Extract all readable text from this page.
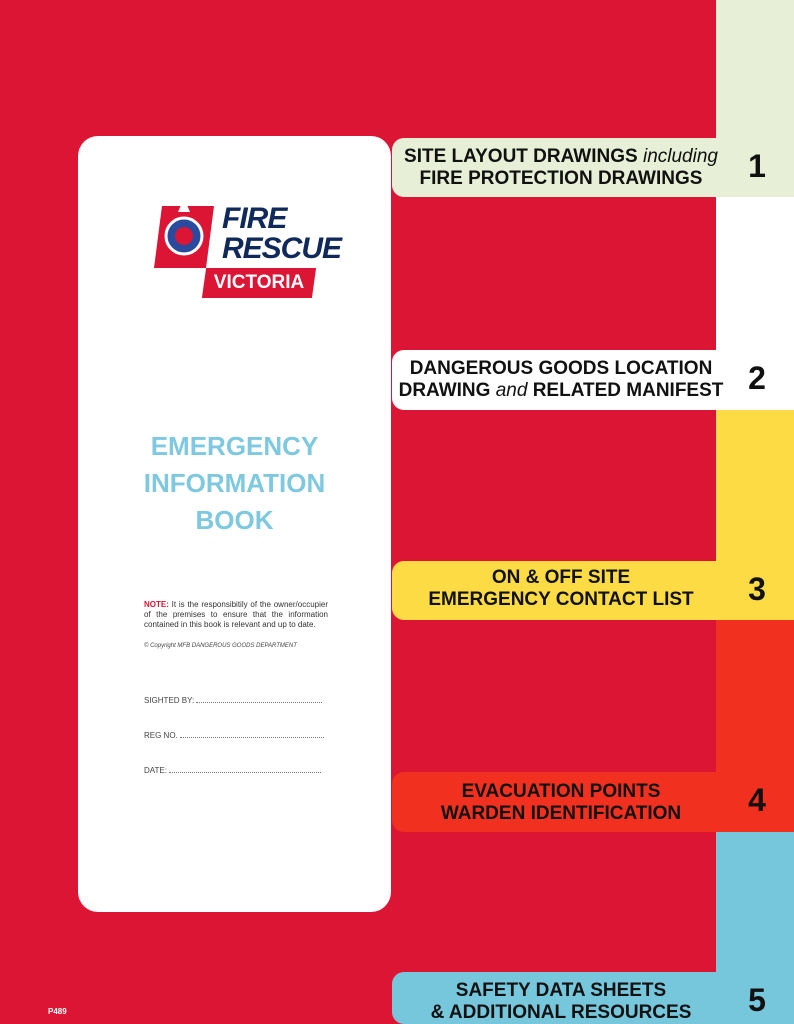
SITE LAYOUT DRAWINGS including
FIRE PROTECTION DRAWINGS	1
DANGEROUS GOODS LOCATION
DRAWING and RELATED MANIFEST 2
ON & OFF SITE
EMERGENCY CONTACT LIST	3
EVACUATION POINTS
WARDEN IDENTIFICATION	4
SAFETY DATA SHEETS
& ADDITIONAL RESOURCES	5
FIRE
RESCUE
VICTORIA
EMERGENCY
INFORMATION
BOOK
NOTE: It is the responsibitily of the owner/occupier of the premises to ensure that the information contained in this book is relevant and up to date.
© Copyright MFB DANGEROUS GOODS DEPARTMENT
SIGHTED BY:
REG NO.
DATE:
P489
